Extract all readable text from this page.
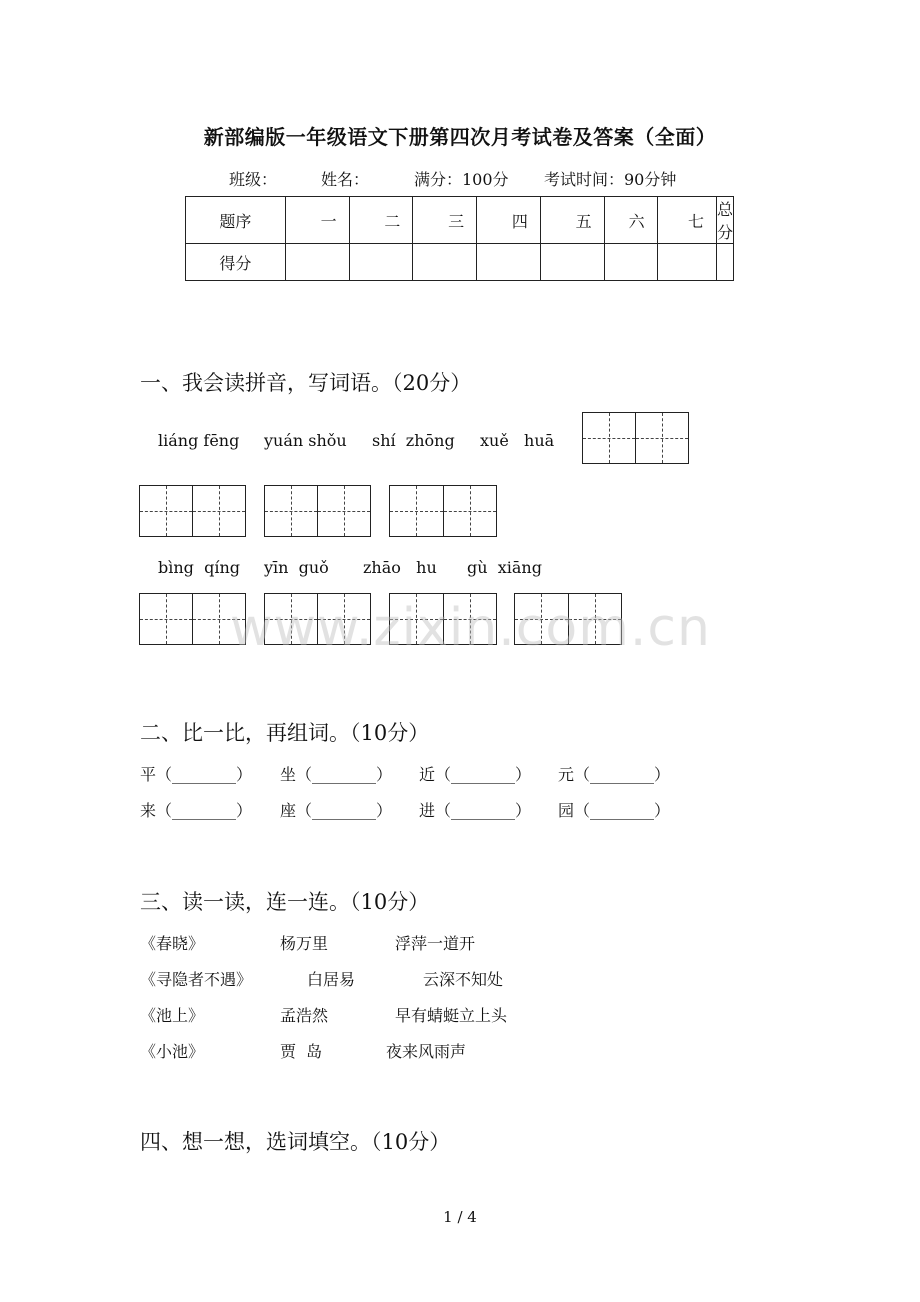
新部编版一年级语文下册第四次月考试卷及答案（全面）
班级：	姓名：	满分：100分 考试时间：90分钟
题序	一	二	三	四	五	六	七	总分
得分								
一、我会读拼音，写词语。（20分）
liáng fēng yuán shǒu shí  zhōng xuě   huā
bìng  qíng yīn  guǒ zhāo   hu gù  xiāng
www.zixin.com.cn
二、比一比，再组词。（10分）
平（________） 坐（________） 近（________） 元（________）
来（________） 座（________） 进（________） 园（________）
三、读一读，连一连。（10分）
《春晓》	杨万里	浮萍一道开
《寻隐者不遇》	白居易	云深不知处
《池上》	孟浩然	早有蜻蜓立上头
《小池》	贾  岛	夜来风雨声
四、想一想，选词填空。（10分）
1 / 4
